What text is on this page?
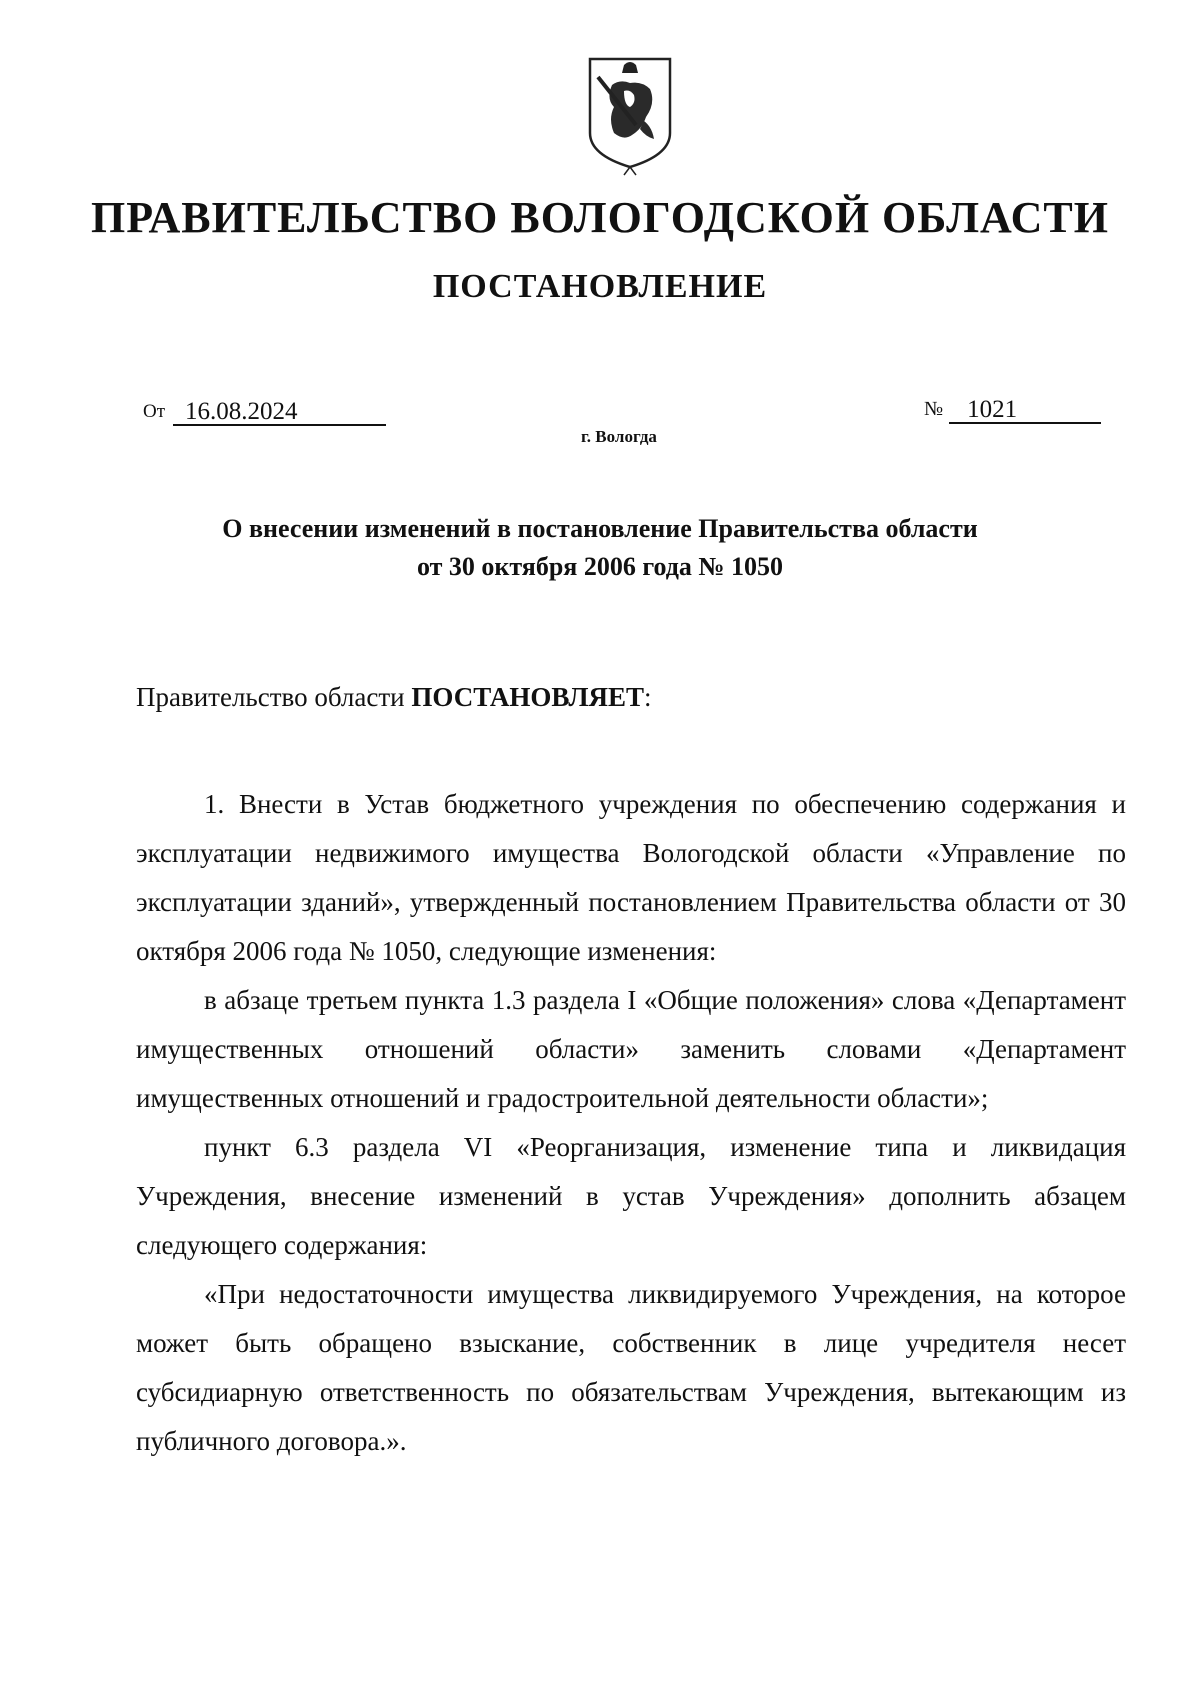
ПРАВИТЕЛЬСТВО ВОЛОГОДСКОЙ ОБЛАСТИ
ПОСТАНОВЛЕНИЕ
От 16.08.2024	№ 1021
г. Вологда
О внесении изменений в постановление Правительства области
от 30 октября 2006 года № 1050
Правительство области ПОСТАНОВЛЯЕТ:

1. Внести в Устав бюджетного учреждения по обеспечению содержания и эксплуатации недвижимого имущества Вологодской области «Управление по эксплуатации зданий», утвержденный постановлением Правительства области от 30 октября 2006 года № 1050, следующие изменения:

в абзаце третьем пункта 1.3 раздела I «Общие положения» слова «Департамент имущественных отношений области» заменить словами «Департамент имущественных отношений и градостроительной деятельности области»;

пункт 6.3 раздела VI «Реорганизация, изменение типа и ликвидация Учреждения, внесение изменений в устав Учреждения» дополнить абзацем следующего содержания:

«При недостаточности имущества ликвидируемого Учреждения, на которое может быть обращено взыскание, собственник в лице учредителя несет субсидиарную ответственность по обязательствам Учреждения, вытекающим из публичного договора.».
